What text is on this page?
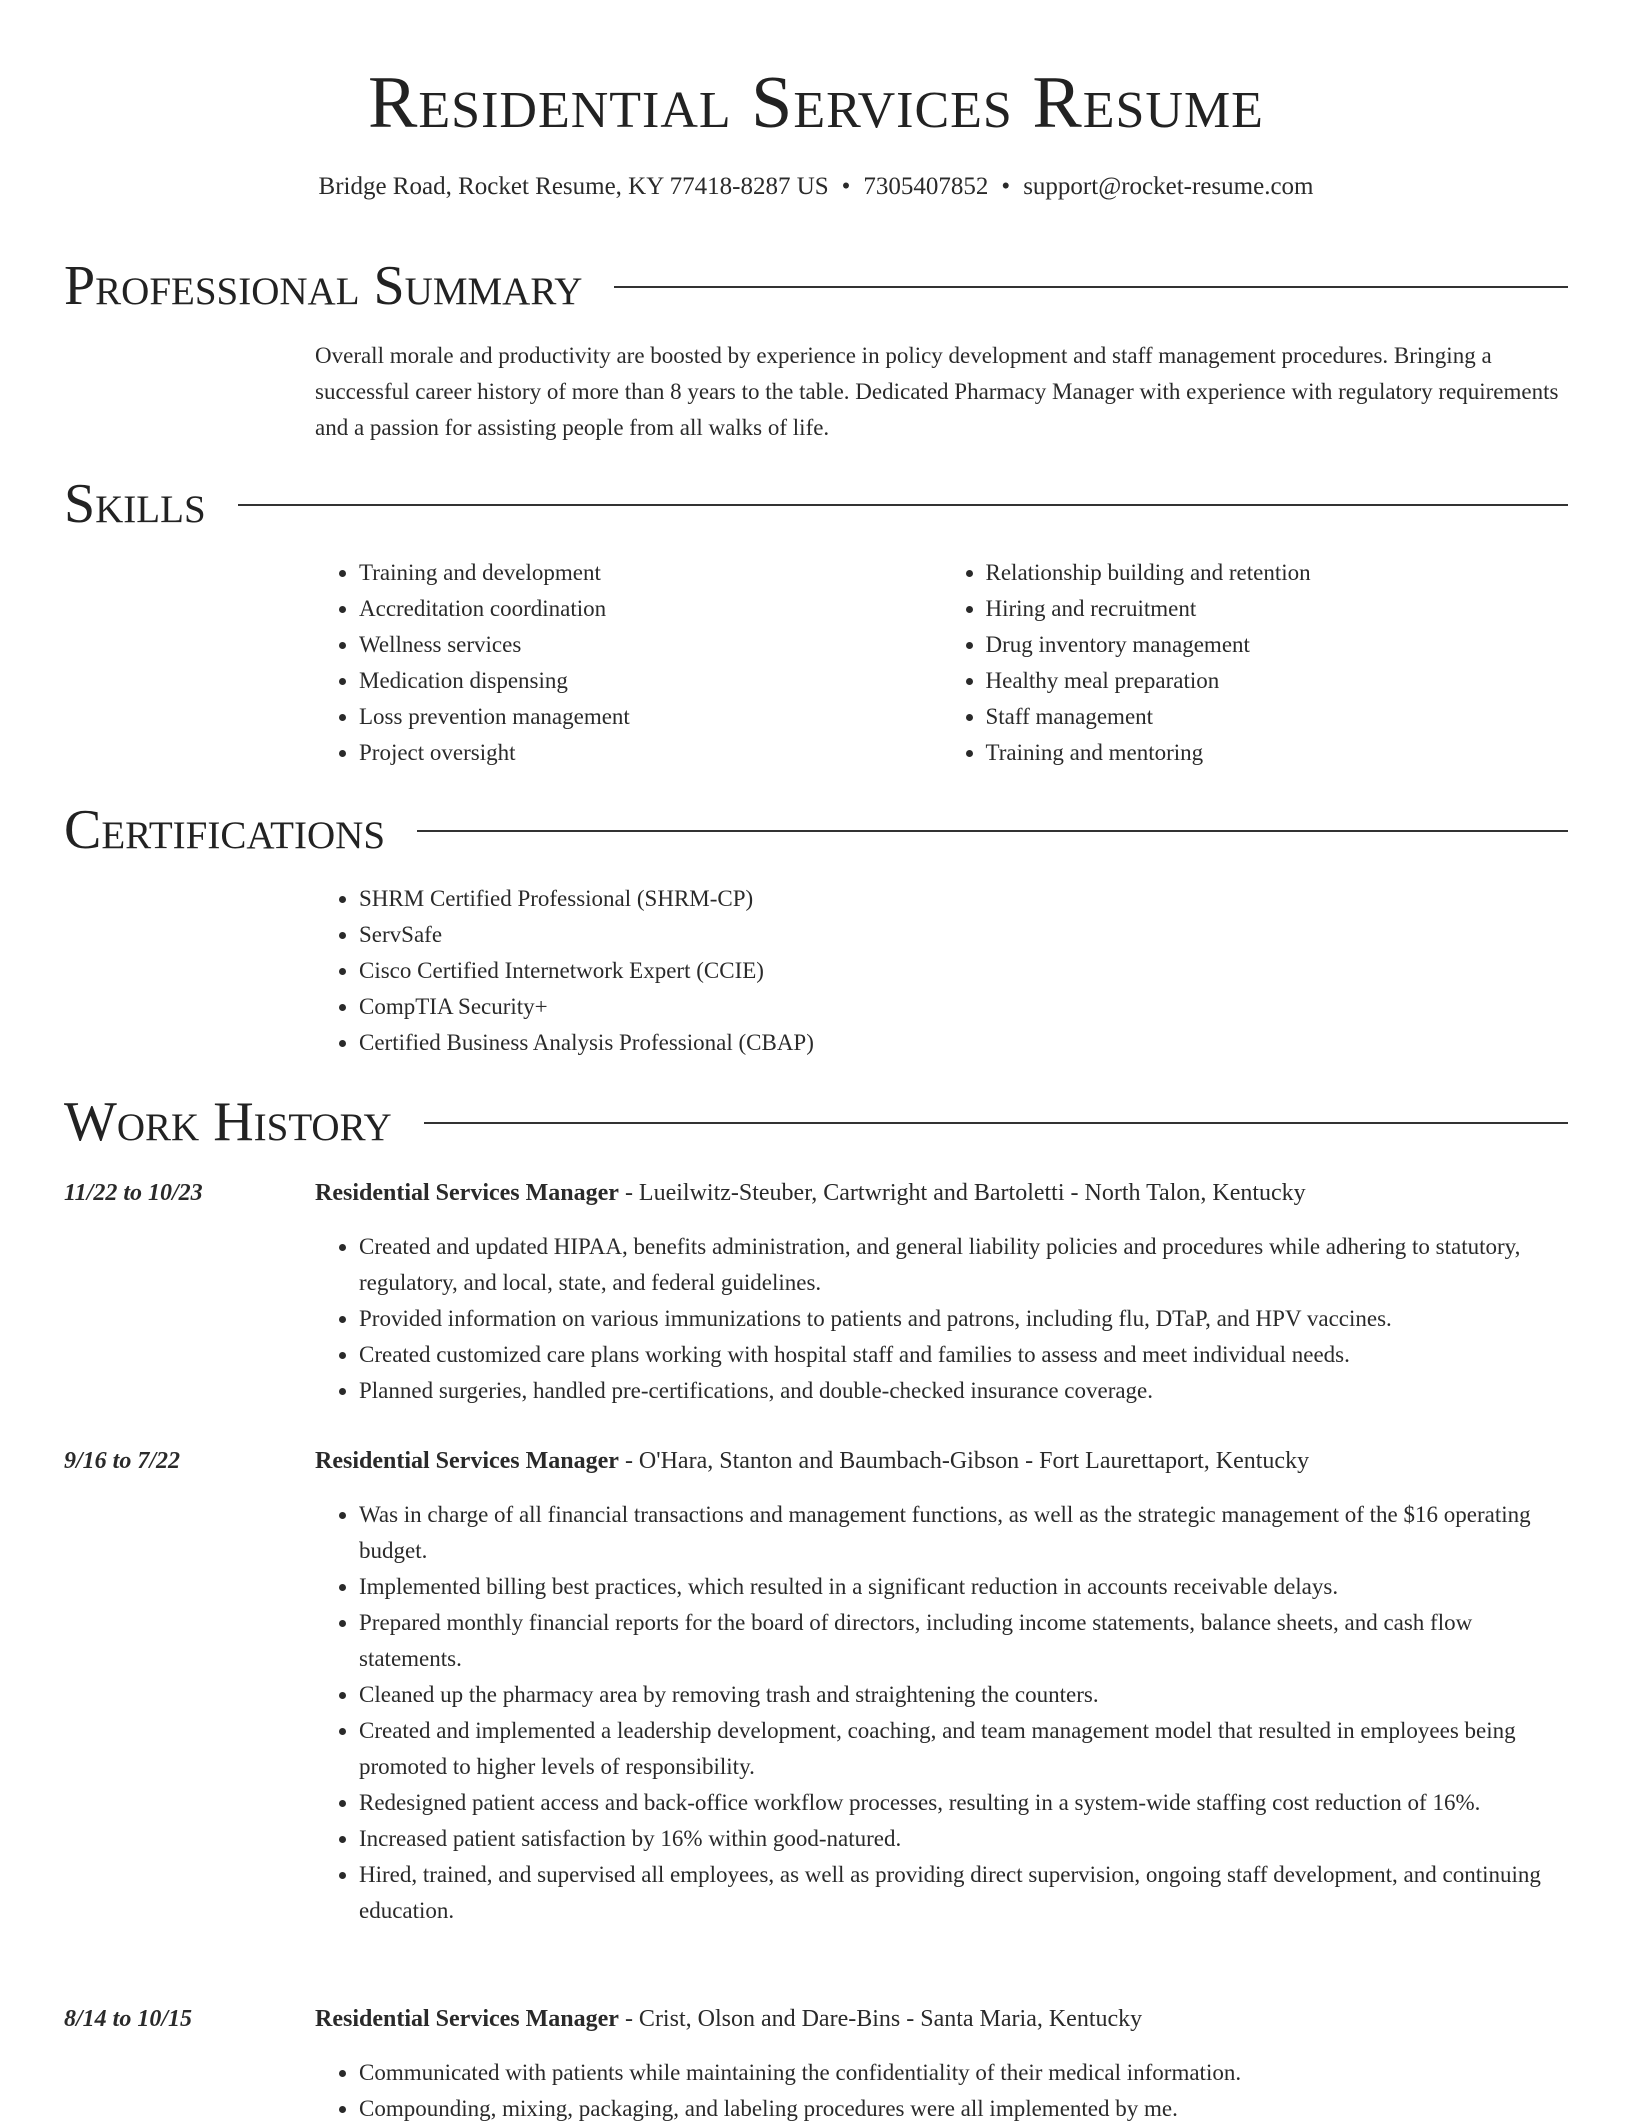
Residential Services Resume
Bridge Road, Rocket Resume, KY 77418-8287 US • 7305407852 • support@rocket-resume.com
Professional Summary
Overall morale and productivity are boosted by experience in policy development and staff management procedures. Bringing a successful career history of more than 8 years to the table. Dedicated Pharmacy Manager with experience with regulatory requirements and a passion for assisting people from all walks of life.
Skills
• Training and development
• Accreditation coordination
• Wellness services
• Medication dispensing
• Loss prevention management
• Project oversight
• Relationship building and retention
• Hiring and recruitment
• Drug inventory management
• Healthy meal preparation
• Staff management
• Training and mentoring
Certifications
• SHRM Certified Professional (SHRM-CP)
• ServSafe
• Cisco Certified Internetwork Expert (CCIE)
• CompTIA Security+
• Certified Business Analysis Professional (CBAP)
Work History
11/22 to 10/23	Residential Services Manager - Lueilwitz-Steuber, Cartwright and Bartoletti - North Talon, Kentucky
• Created and updated HIPAA, benefits administration, and general liability policies and procedures while adhering to statutory, regulatory, and local, state, and federal guidelines.
• Provided information on various immunizations to patients and patrons, including flu, DTaP, and HPV vaccines.
• Created customized care plans working with hospital staff and families to assess and meet individual needs.
• Planned surgeries, handled pre-certifications, and double-checked insurance coverage.
9/16 to 7/22	Residential Services Manager - O'Hara, Stanton and Baumbach-Gibson - Fort Laurettaport, Kentucky
• Was in charge of all financial transactions and management functions, as well as the strategic management of the $16 operating budget.
• Implemented billing best practices, which resulted in a significant reduction in accounts receivable delays.
• Prepared monthly financial reports for the board of directors, including income statements, balance sheets, and cash flow statements.
• Cleaned up the pharmacy area by removing trash and straightening the counters.
• Created and implemented a leadership development, coaching, and team management model that resulted in employees being promoted to higher levels of responsibility.
• Redesigned patient access and back-office workflow processes, resulting in a system-wide staffing cost reduction of 16%.
• Increased patient satisfaction by 16% within good-natured.
• Hired, trained, and supervised all employees, as well as providing direct supervision, ongoing staff development, and continuing education.
8/14 to 10/15	Residential Services Manager - Crist, Olson and Dare-Bins - Santa Maria, Kentucky
• Communicated with patients while maintaining the confidentiality of their medical information.
• Compounding, mixing, packaging, and labeling procedures were all implemented by me.
